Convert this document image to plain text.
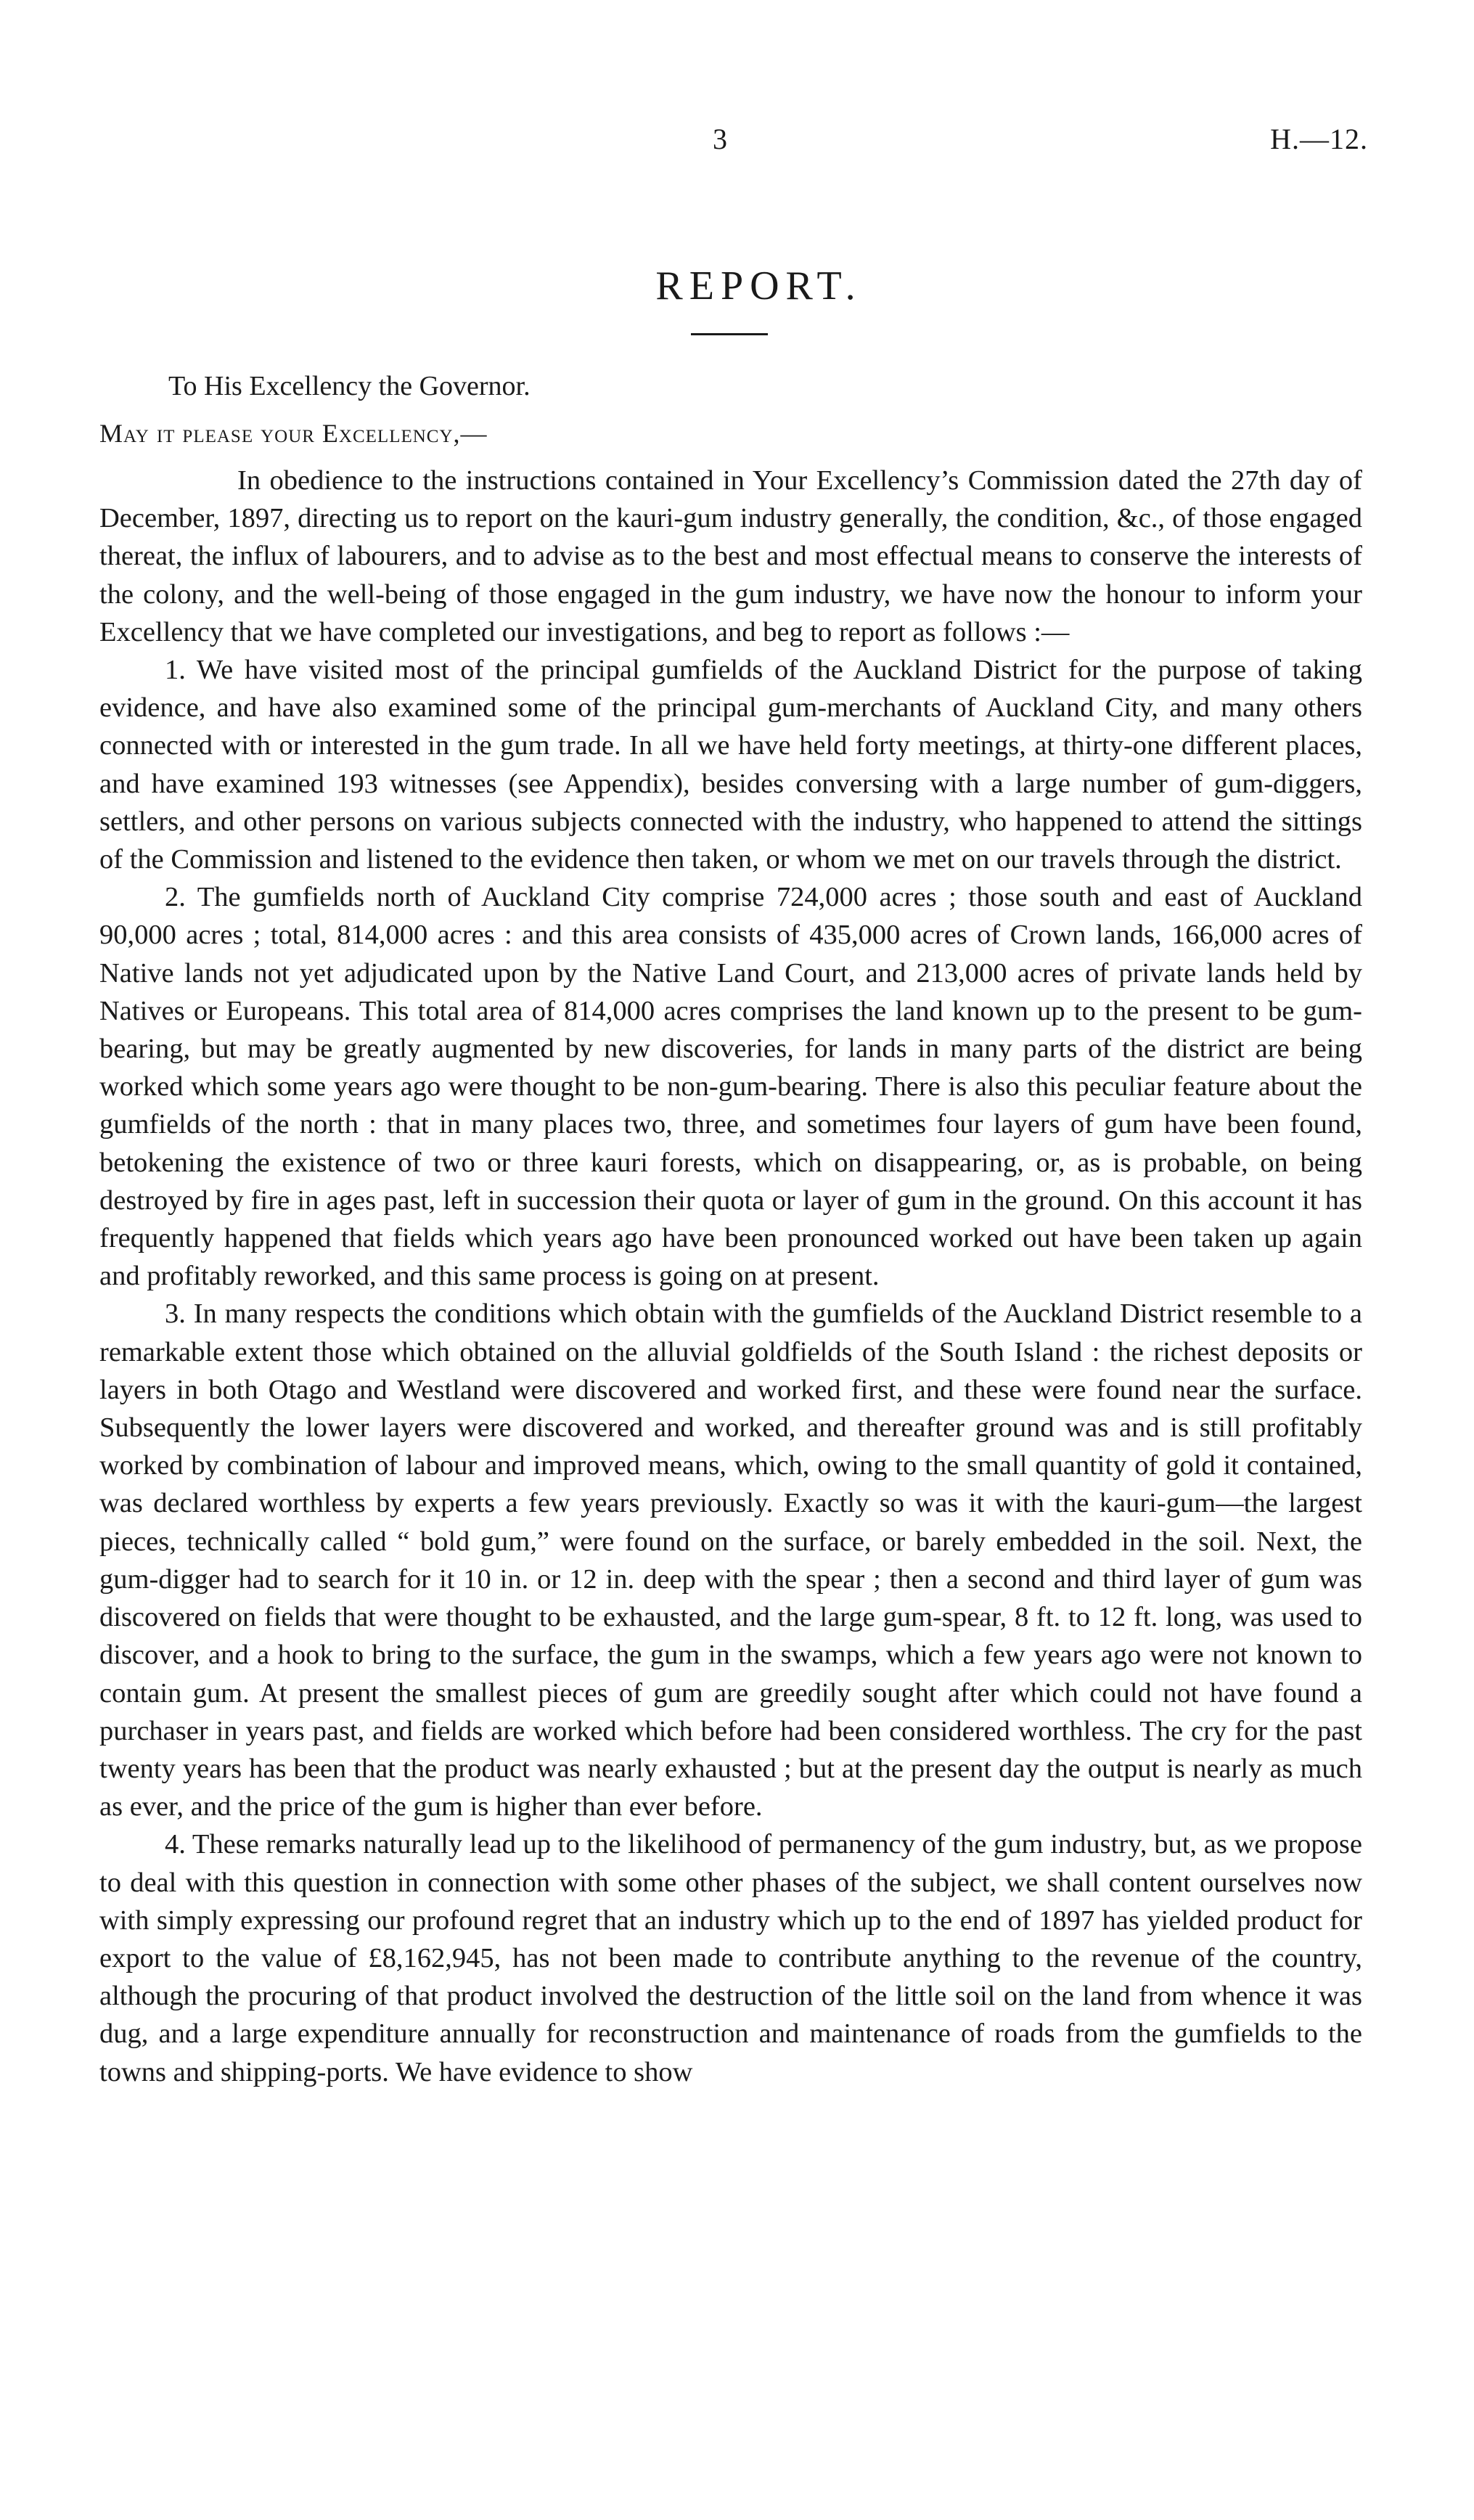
3	H.—12.
REPORT.
To His Excellency the Governor.
May it please your Excellency,—

In obedience to the instructions contained in Your Excellency’s Commission dated the 27th day of December, 1897, directing us to report on the kauri-gum industry generally, the condition, &c., of those engaged thereat, the influx of labourers, and to advise as to the best and most effectual means to conserve the interests of the colony, and the well-being of those engaged in the gum industry, we have now the honour to inform your Excellency that we have completed our investigations, and beg to report as follows :—

1. We have visited most of the principal gumfields of the Auckland District for the purpose of taking evidence, and have also examined some of the principal gum-merchants of Auckland City, and many others connected with or interested in the gum trade. In all we have held forty meetings, at thirty-one different places, and have examined 193 witnesses (see Appendix), besides conversing with a large number of gum-diggers, settlers, and other persons on various subjects connected with the industry, who happened to attend the sittings of the Commission and listened to the evidence then taken, or whom we met on our travels through the district.

2. The gumfields north of Auckland City comprise 724,000 acres ; those south and east of Auckland 90,000 acres ; total, 814,000 acres : and this area consists of 435,000 acres of Crown lands, 166,000 acres of Native lands not yet adjudicated upon by the Native Land Court, and 213,000 acres of private lands held by Natives or Europeans. This total area of 814,000 acres comprises the land known up to the present to be gum-bearing, but may be greatly augmented by new discoveries, for lands in many parts of the district are being worked which some years ago were thought to be non-gum-bearing. There is also this peculiar feature about the gumfields of the north : that in many places two, three, and sometimes four layers of gum have been found, betokening the existence of two or three kauri forests, which on disappearing, or, as is probable, on being destroyed by fire in ages past, left in succession their quota or layer of gum in the ground. On this account it has frequently happened that fields which years ago have been pronounced worked out have been taken up again and profitably reworked, and this same process is going on at present.

3. In many respects the conditions which obtain with the gumfields of the Auckland District resemble to a remarkable extent those which obtained on the alluvial goldfields of the South Island : the richest deposits or layers in both Otago and Westland were discovered and worked first, and these were found near the surface. Subsequently the lower layers were discovered and worked, and thereafter ground was and is still profitably worked by combination of labour and improved means, which, owing to the small quantity of gold it contained, was declared worthless by experts a few years previously. Exactly so was it with the kauri-gum—the largest pieces, technically called “ bold gum,” were found on the surface, or barely embedded in the soil. Next, the gum-digger had to search for it 10 in. or 12 in. deep with the spear ; then a second and third layer of gum was discovered on fields that were thought to be exhausted, and the large gum-spear, 8 ft. to 12 ft. long, was used to discover, and a hook to bring to the surface, the gum in the swamps, which a few years ago were not known to contain gum. At present the smallest pieces of gum are greedily sought after which could not have found a purchaser in years past, and fields are worked which before had been considered worthless. The cry for the past twenty years has been that the product was nearly exhausted ; but at the present day the output is nearly as much as ever, and the price of the gum is higher than ever before.

4. These remarks naturally lead up to the likelihood of permanency of the gum industry, but, as we propose to deal with this question in connection with some other phases of the subject, we shall content ourselves now with simply expressing our profound regret that an industry which up to the end of 1897 has yielded product for export to the value of £8,162,945, has not been made to contribute anything to the revenue of the country, although the procuring of that product involved the destruction of the little soil on the land from whence it was dug, and a large expenditure annually for reconstruction and maintenance of roads from the gumfields to the towns and shipping-ports. We have evidence to show
